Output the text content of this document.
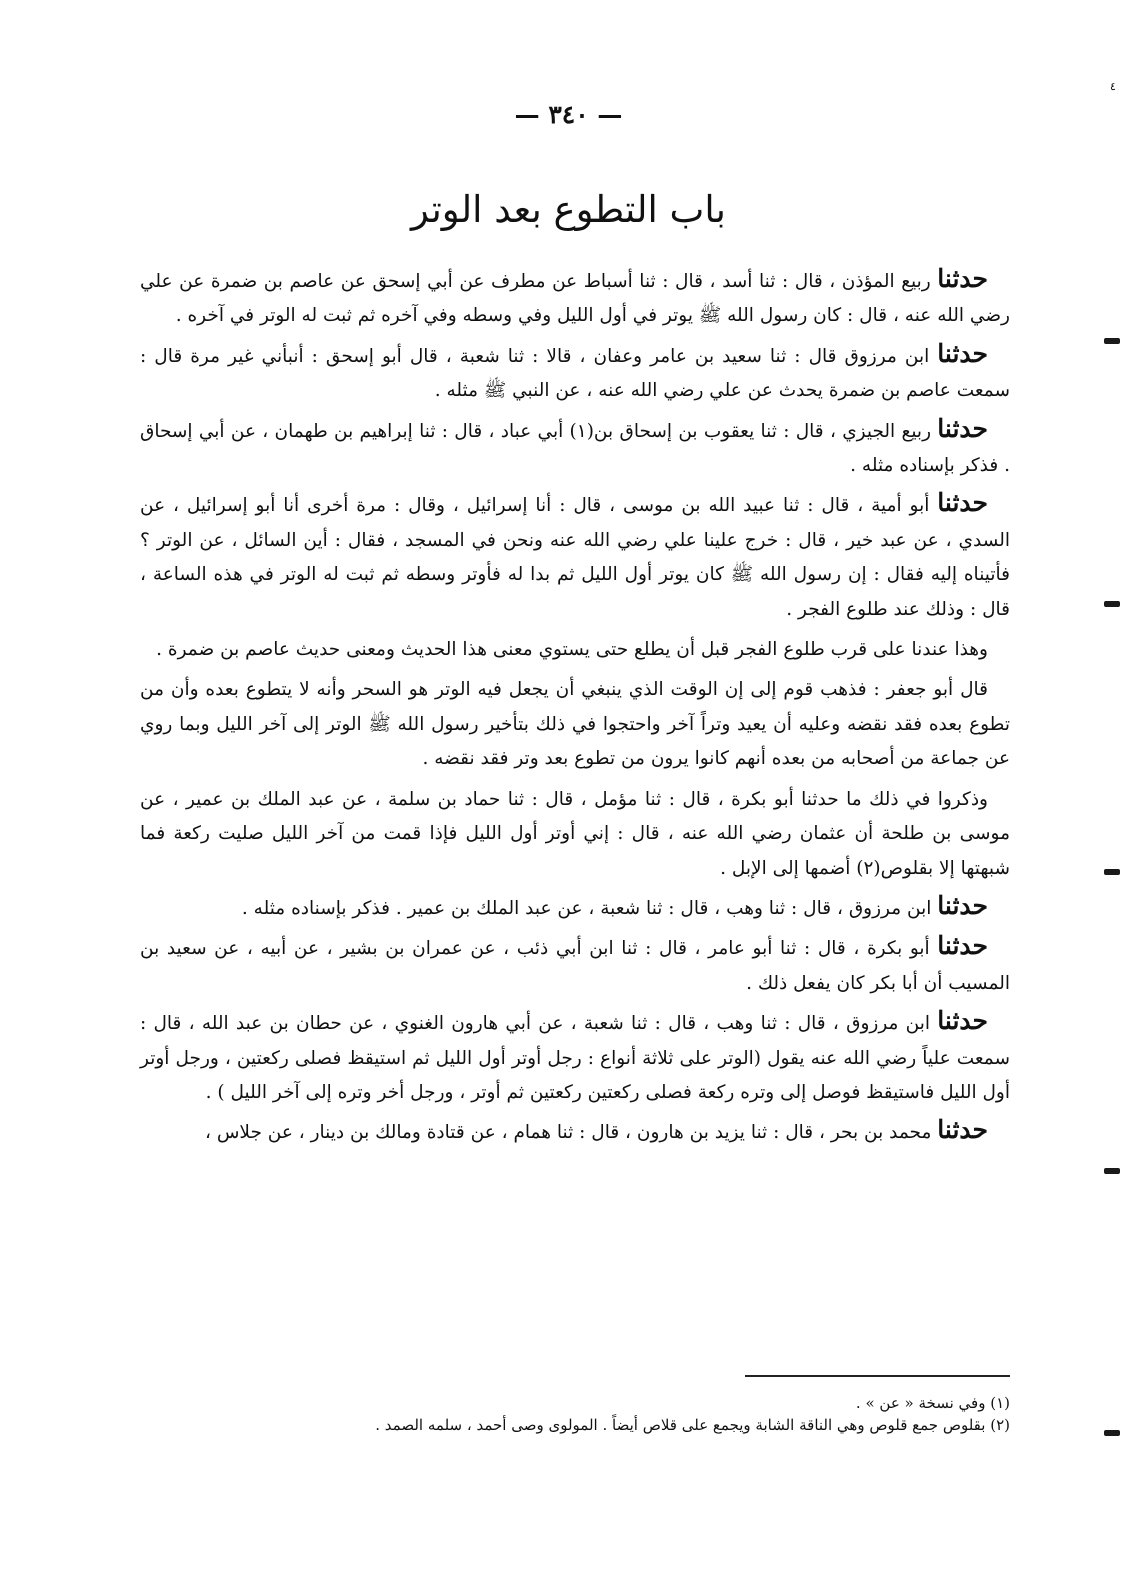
— ٣٤٠ —
٤
باب التطوع بعد الوتر

حدثنا ربيع المؤذن ، قال : ثنا أسد ، قال : ثنا أسباط عن مطرف عن أبي إسحق عن عاصم بن ضمرة عن علي رضي الله عنه ، قال : كان رسول الله ﷺ يوتر في أول الليل وفي وسطه وفي آخره ثم ثبت له الوتر في آخره .

حدثنا ابن مرزوق قال : ثنا سعيد بن عامر وعفان ، قالا : ثنا شعبة ، قال أبو إسحق : أنبأني غير مرة قال : سمعت عاصم بن ضمرة يحدث عن علي رضي الله عنه ، عن النبي ﷺ مثله .

حدثنا ربيع الجيزي ، قال : ثنا يعقوب بن إسحاق بن(١) أبي عباد ، قال : ثنا إبراهيم بن طهمان ، عن أبي إسحاق . فذكر بإسناده مثله .

حدثنا أبو أمية ، قال : ثنا عبيد الله بن موسى ، قال : أنا إسرائيل ، وقال : مرة أخرى أنا أبو إسرائيل ، عن السدي ، عن عبد خير ، قال : خرج علينا علي رضي الله عنه ونحن في المسجد ، فقال : أين السائل ، عن الوتر ؟ فأتيناه إليه فقال : إن رسول الله ﷺ كان يوتر أول الليل ثم بدا له فأوتر وسطه ثم ثبت له الوتر في هذه الساعة ، قال : وذلك عند طلوع الفجر .

وهذا عندنا على قرب طلوع الفجر قبل أن يطلع حتى يستوي معنى هذا الحديث ومعنى حديث عاصم بن ضمرة .

قال أبو جعفر : فذهب قوم إلى إن الوقت الذي ينبغي أن يجعل فيه الوتر هو السحر وأنه لا يتطوع بعده وأن من تطوع بعده فقد نقضه وعليه أن يعيد وتراً آخر واحتجوا في ذلك بتأخير رسول الله ﷺ الوتر إلى آخر الليل وبما روي عن جماعة من أصحابه من بعده أنهم كانوا يرون من تطوع بعد وتر فقد نقضه .

وذكروا في ذلك ما حدثنا أبو بكرة ، قال : ثنا مؤمل ، قال : ثنا حماد بن سلمة ، عن عبد الملك بن عمير ، عن موسى بن طلحة أن عثمان رضي الله عنه ، قال : إني أوتر أول الليل فإذا قمت من آخر الليل صليت ركعة فما شبهتها إلا بقلوص(٢) أضمها إلى الإبل .

حدثنا ابن مرزوق ، قال : ثنا وهب ، قال : ثنا شعبة ، عن عبد الملك بن عمير . فذكر بإسناده مثله .

حدثنا أبو بكرة ، قال : ثنا أبو عامر ، قال : ثنا ابن أبي ذئب ، عن عمران بن بشير ، عن أبيه ، عن سعيد بن المسيب أن أبا بكر كان يفعل ذلك .

حدثنا ابن مرزوق ، قال : ثنا وهب ، قال : ثنا شعبة ، عن أبي هارون الغنوي ، عن حطان بن عبد الله ، قال : سمعت علياً رضي الله عنه يقول (الوتر على ثلاثة أنواع : رجل أوتر أول الليل ثم استيقظ فصلى ركعتين ، ورجل أوتر أول الليل فاستيقظ فوصل إلى وتره ركعة فصلى ركعتين ركعتين ثم أوتر ، ورجل أخر وتره إلى آخر الليل ) .

حدثنا محمد بن بحر ، قال : ثنا يزيد بن هارون ، قال : ثنا همام ، عن قتادة ومالك بن دينار ، عن جلاس ،

(١) وفي نسخة « عن » .

(٢) بقلوص جمع قلوص وهي الناقة الشابة ويجمع على قلاص أيضاً . المولوى وصى أحمد ، سلمه الصمد .
